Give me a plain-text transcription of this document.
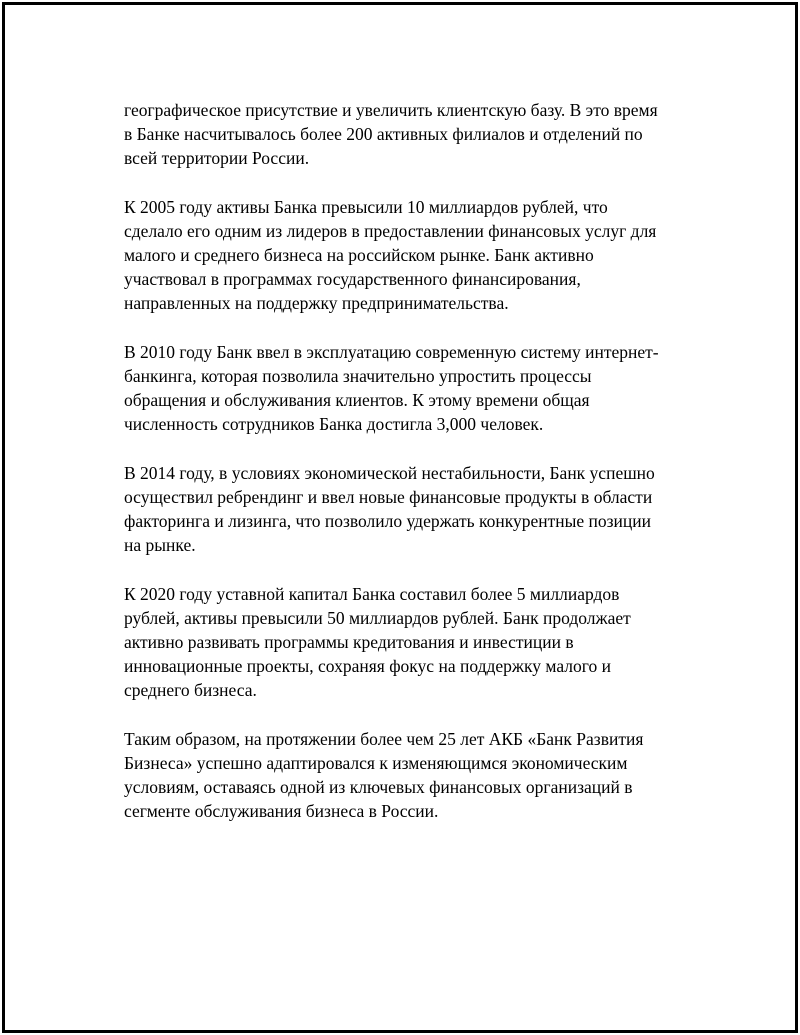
географическое присутствие и увеличить клиентскую базу. В это время
в Банке насчитывалось более 200 активных филиалов и отделений по
всей территории России.

К 2005 году активы Банка превысили 10 миллиардов рублей, что
сделало его одним из лидеров в предоставлении финансовых услуг для
малого и среднего бизнеса на российском рынке. Банк активно
участвовал в программах государственного финансирования,
направленных на поддержку предпринимательства.

В 2010 году Банк ввел в эксплуатацию современную систему интернет-
банкинга, которая позволила значительно упростить процессы
обращения и обслуживания клиентов. К этому времени общая
численность сотрудников Банка достигла 3,000 человек.

В 2014 году, в условиях экономической нестабильности, Банк успешно
осуществил ребрендинг и ввел новые финансовые продукты в области
факторинга и лизинга, что позволило удержать конкурентные позиции
на рынке.

К 2020 году уставной капитал Банка составил более 5 миллиардов
рублей, активы превысили 50 миллиардов рублей. Банк продолжает
активно развивать программы кредитования и инвестиции в
инновационные проекты, сохраняя фокус на поддержку малого и
среднего бизнеса.

Таким образом, на протяжении более чем 25 лет АКБ «Банк Развития
Бизнеса» успешно адаптировался к изменяющимся экономическим
условиям, оставаясь одной из ключевых финансовых организаций в
сегменте обслуживания бизнеса в России.
